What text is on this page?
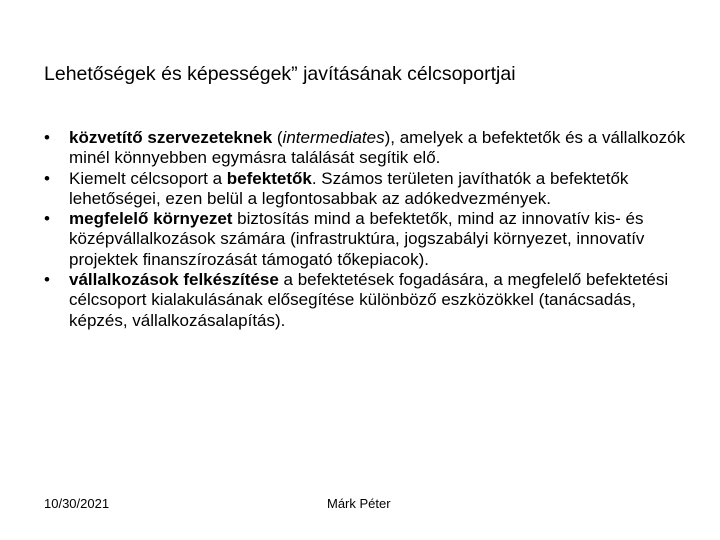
Lehetőségek és képességek” javításának célcsoportjai
•	közvetítő szervezeteknek (intermediates), amelyek a befektetők és a vállalkozók minél könnyebben egymásra találását segítik elő.
•	Kiemelt célcsoport a befektetők. Számos területen javíthatók a befektetők lehetőségei, ezen belül a legfontosabbak az adókedvezmények.
•	megfelelő környezet biztosítás mind a befektetők, mind az innovatív kis- és középvállalkozások számára (infrastruktúra, jogszabályi környezet, innovatív projektek finanszírozását támogató tőkepiacok).
•	vállalkozások felkészítése a befektetések fogadására, a megfelelő befektetési célcsoport kialakulásának elősegítése különböző eszközökkel (tanácsadás, képzés, vállalkozásalapítás).
10/30/2021	Márk Péter
